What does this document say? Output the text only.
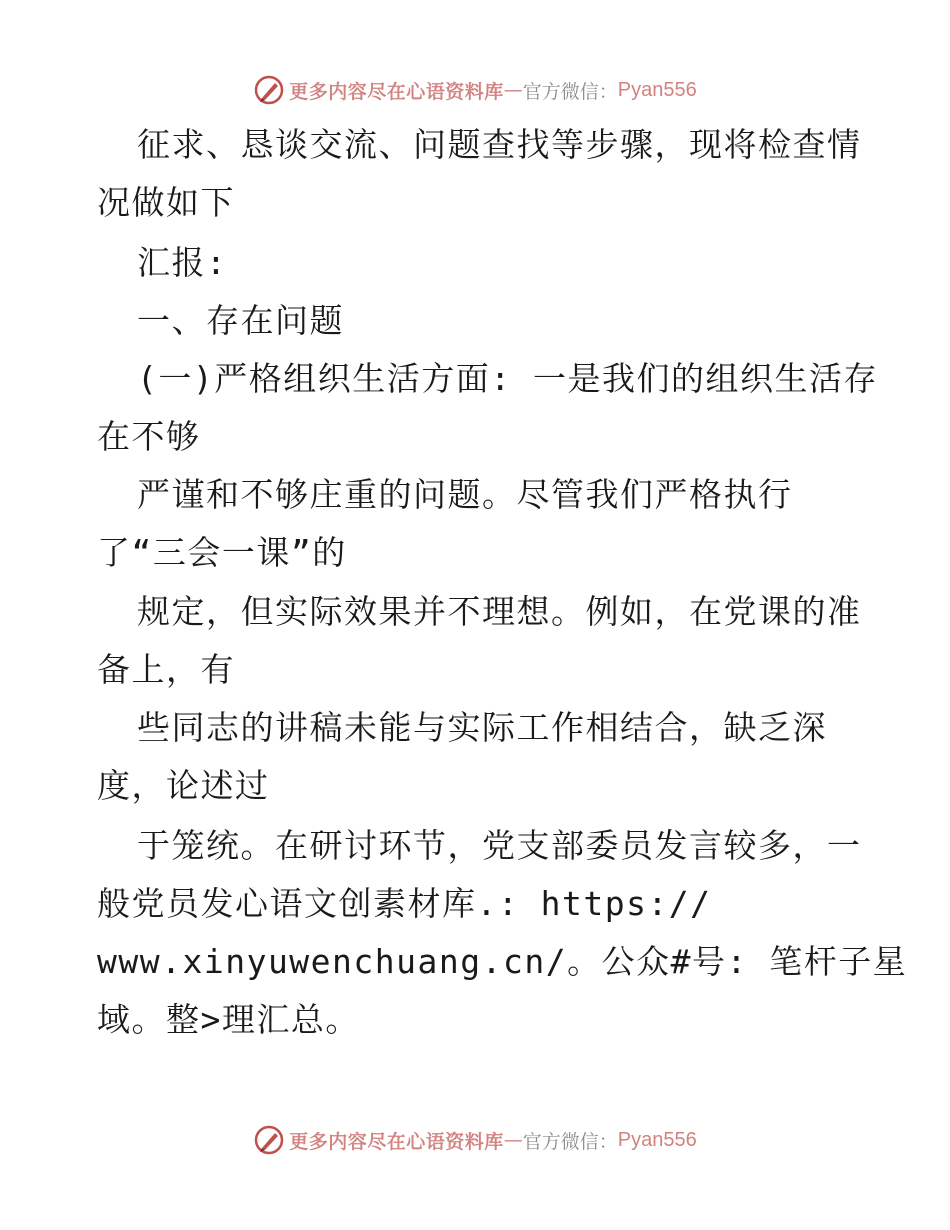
更多内容尽在心语资料库 — 官方微信： Pyan556
征求、恳谈交流、问题查找等步骤，现将检查情
况做如下
汇报:
一、存在问题
(一)严格组织生活方面: 一是我们的组织生活存
在不够
严谨和不够庄重的问题。尽管我们严格执行
了“三会一课”的
规定，但实际效果并不理想。例如，在党课的准
备上，有
些同志的讲稿未能与实际工作相结合，缺乏深
度，论述过
于笼统。在研讨环节，党支部委员发言较多，一
般党员发心语文创素材库.: https://
www.xinyuwenchuang.cn/。公众#号: 笔杆子星
域。整>理汇总。
更多内容尽在心语资料库 — 官方微信： Pyan556
